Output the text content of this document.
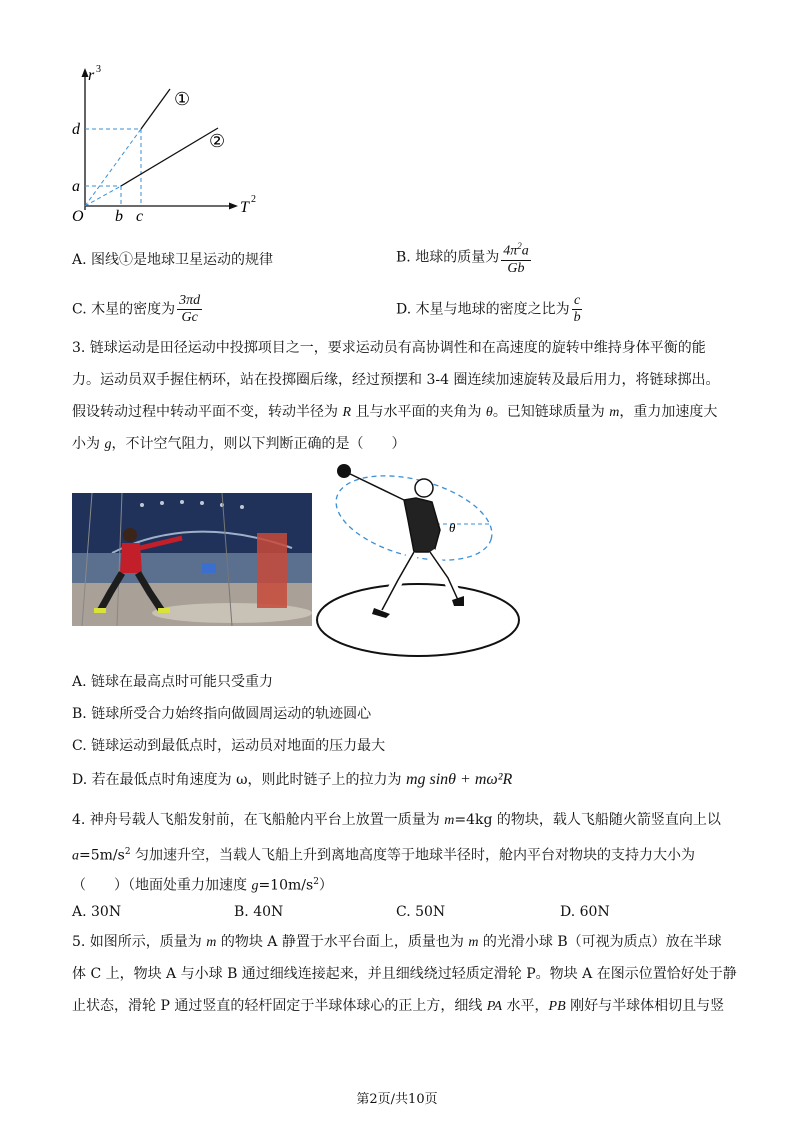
r 3
T 2
O
d
a
b c
①
②
A. 图线①是地球卫星运动的规律	B. 地球的质量为 $\frac{4\pi^2a}{Gb}$
C. 木星的密度为 $\frac{3\pi d}{Gc}$	D. 木星与地球的密度之比为 $\frac{c}{b}$
3. 链球运动是田径运动中投掷项目之一，要求运动员有高协调性和在高速度的旋转中维持身体平衡的能
力。运动员双手握住柄环，站在投掷圈后缘，经过预摆和 3-4 圈连续加速旋转及最后用力，将链球掷出。
假设转动过程中转动平面不变，转动半径为 R 且与水平面的夹角为 θ。已知链球质量为 m，重力加速度大
小为 g，不计空气阻力，则以下判断正确的是（　　）
θ
A. 链球在最高点时可能只受重力
B. 链球所受合力始终指向做圆周运动的轨迹圆心
C. 链球运动到最低点时，运动员对地面的压力最大
D. 若在最低点时角速度为 ω，则此时链子上的拉力为 mg sinθ + mω²R
4. 神舟号载人飞船发射前，在飞船舱内平台上放置一质量为 m=4kg 的物块，载人飞船随火箭竖直向上以
$a=5m/s^2$ 匀加速升空，当载人飞船上升到离地高度等于地球半径时，舱内平台对物块的支持力大小为
（　　）（地面处重力加速度 $g=10m/s^2$）
A. 30N	B. 40N	C. 50N	D. 60N
5. 如图所示，质量为 m 的物块 A 静置于水平台面上，质量也为 m 的光滑小球 B（可视为质点）放在半球
体 C 上，物块 A 与小球 B 通过细线连接起来，并且细线绕过轻质定滑轮 P。物块 A 在图示位置恰好处于静
止状态，滑轮 P 通过竖直的轻杆固定于半球体球心的正上方，细线 PA 水平，PB 刚好与半球体相切且与竖
第2页/共10页
